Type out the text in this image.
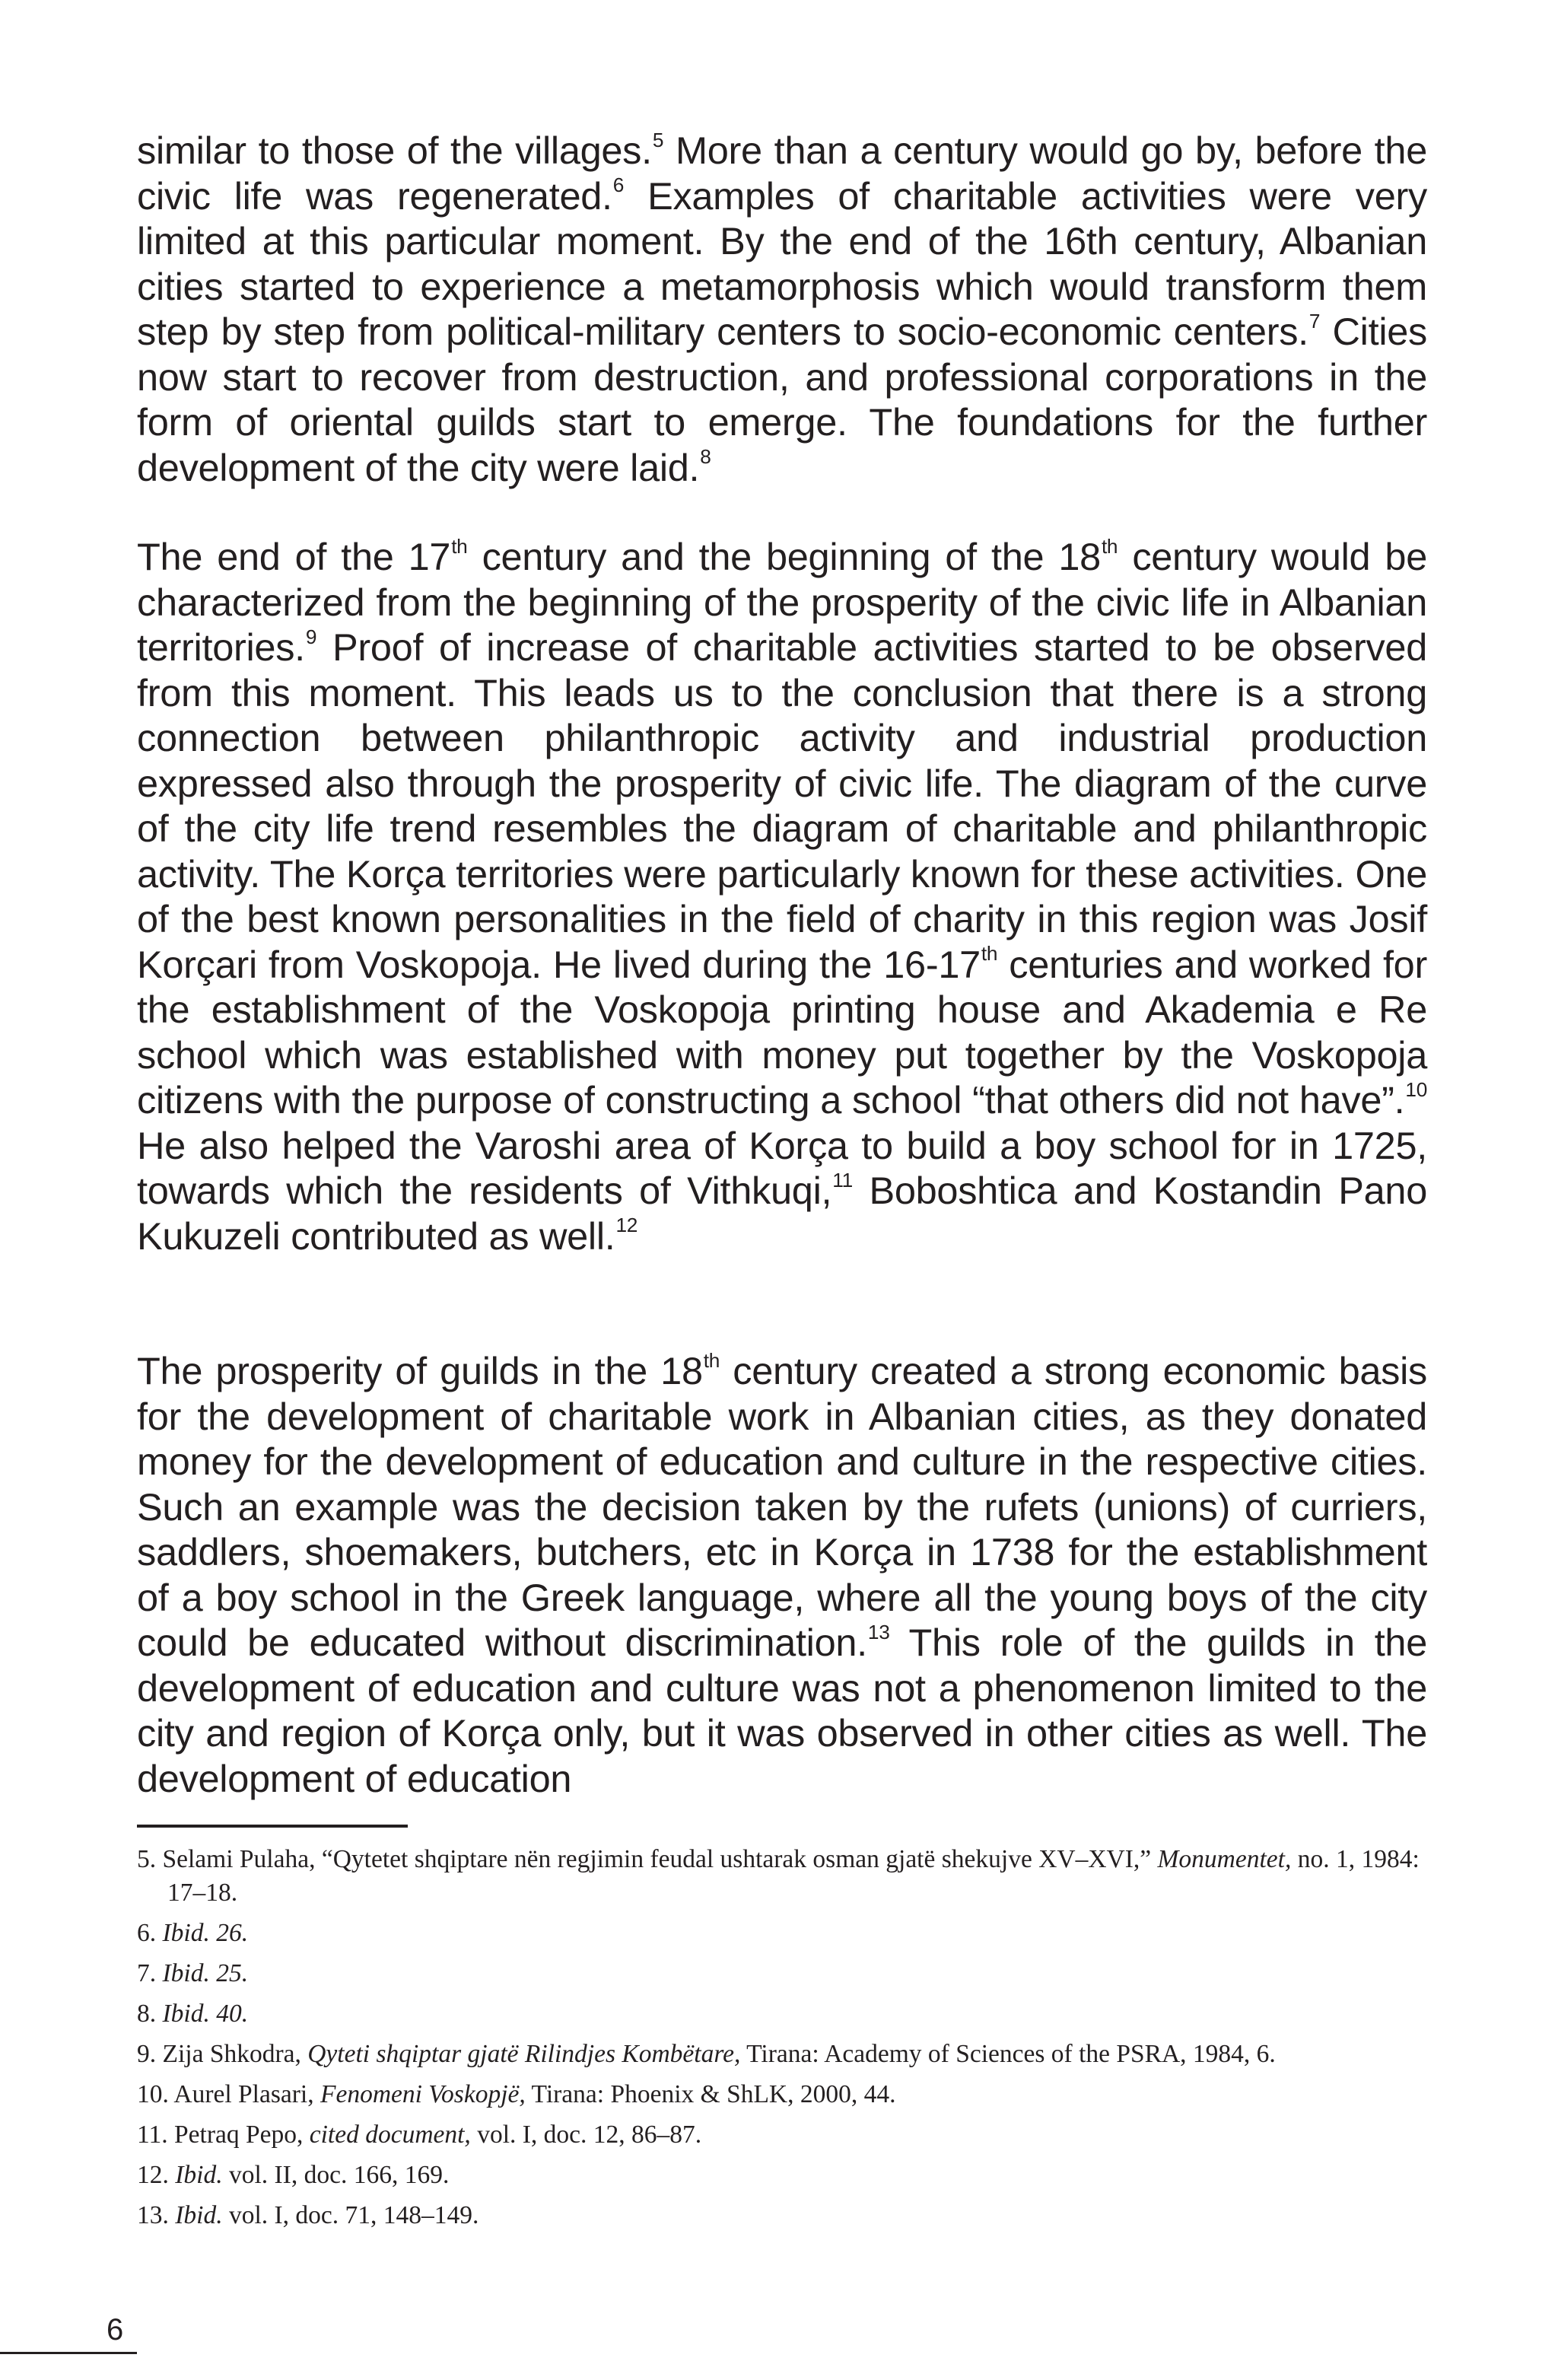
similar to those of the villages.$^5$ More than a century would go by, before the civic life was regenerated.$^6$ Examples of charitable activities were very limited at this particular moment. By the end of the 16th century, Albanian cities started to experience a metamorphosis which would transform them step by step from political-military centers to socio-economic centers.$^7$ Cities now start to recover from destruction, and professional corporations in the form of oriental guilds start to emerge. The foundations for the further development of the city were laid.$^8$

The end of the 17th century and the beginning of the 18th century would be characterized from the beginning of the prosperity of the civic life in Albanian territories.$^9$ Proof of increase of charitable activities started to be observed from this moment. This leads us to the conclusion that there is a strong connection between philanthropic activity and industrial production expressed also through the prosperity of civic life. The diagram of the curve of the city life trend resembles the diagram of charitable and philanthropic activity. The Korça territories were particularly known for these activities. One of the best known personalities in the field of charity in this region was Josif Korçari from Voskopoja. He lived during the 16-17th centuries and worked for the establishment of the Voskopoja printing house and Akademia e Re school which was established with money put together by the Voskopoja citizens with the purpose of constructing a school “that others did not have”.$^{10}$ He also helped the Varoshi area of Korça to build a boy school for in 1725, towards which the residents of Vithkuqi,$^{11}$ Boboshtica and Kostandin Pano Kukuzeli contributed as well.$^{12}$

The prosperity of guilds in the 18th century created a strong economic basis for the development of charitable work in Albanian cities, as they donated money for the development of education and culture in the respective cities. Such an example was the decision taken by the rufets (unions) of curriers, saddlers, shoemakers, butchers, etc in Korça in 1738 for the establishment of a boy school in the Greek language, where all the young boys of the city could be educated without discrimination.$^{13}$ This role of the guilds in the development of education and culture was not a phenomenon limited to the city and region of Korça only, but it was observed in other cities as well. The development of education

5. Selami Pulaha, “Qytetet shqiptare nën regjimin feudal ushtarak osman gjatë shekujve XV–XVI,” Monumentet, no. 1, 1984: 17–18.

6. Ibid. 26.

7. Ibid. 25.

8. Ibid. 40.

9. Zija Shkodra, Qyteti shqiptar gjatë Rilindjes Kombëtare, Tirana: Academy of Sciences of the PSRA, 1984, 6.

10. Aurel Plasari, Fenomeni Voskopjë, Tirana: Phoenix & ShLK, 2000, 44.

11. Petraq Pepo, cited document, vol. I, doc. 12, 86–87.

12. Ibid. vol. II, doc. 166, 169.

13. Ibid. vol. I, doc. 71, 148–149.

6
